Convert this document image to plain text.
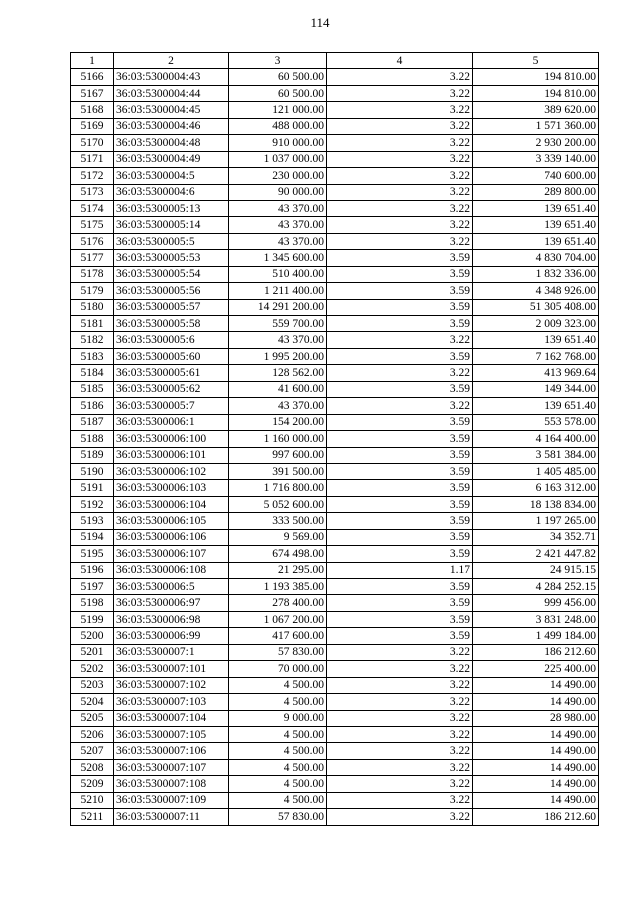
114
1	2	3	4	5
5166	36:03:5300004:43	60 500.00	3.22	194 810.00
5167	36:03:5300004:44	60 500.00	3.22	194 810.00
5168	36:03:5300004:45	121 000.00	3.22	389 620.00
5169	36:03:5300004:46	488 000.00	3.22	1 571 360.00
5170	36:03:5300004:48	910 000.00	3.22	2 930 200.00
5171	36:03:5300004:49	1 037 000.00	3.22	3 339 140.00
5172	36:03:5300004:5	230 000.00	3.22	740 600.00
5173	36:03:5300004:6	90 000.00	3.22	289 800.00
5174	36:03:5300005:13	43 370.00	3.22	139 651.40
5175	36:03:5300005:14	43 370.00	3.22	139 651.40
5176	36:03:5300005:5	43 370.00	3.22	139 651.40
5177	36:03:5300005:53	1 345 600.00	3.59	4 830 704.00
5178	36:03:5300005:54	510 400.00	3.59	1 832 336.00
5179	36:03:5300005:56	1 211 400.00	3.59	4 348 926.00
5180	36:03:5300005:57	14 291 200.00	3.59	51 305 408.00
5181	36:03:5300005:58	559 700.00	3.59	2 009 323.00
5182	36:03:5300005:6	43 370.00	3.22	139 651.40
5183	36:03:5300005:60	1 995 200.00	3.59	7 162 768.00
5184	36:03:5300005:61	128 562.00	3.22	413 969.64
5185	36:03:5300005:62	41 600.00	3.59	149 344.00
5186	36:03:5300005:7	43 370.00	3.22	139 651.40
5187	36:03:5300006:1	154 200.00	3.59	553 578.00
5188	36:03:5300006:100	1 160 000.00	3.59	4 164 400.00
5189	36:03:5300006:101	997 600.00	3.59	3 581 384.00
5190	36:03:5300006:102	391 500.00	3.59	1 405 485.00
5191	36:03:5300006:103	1 716 800.00	3.59	6 163 312.00
5192	36:03:5300006:104	5 052 600.00	3.59	18 138 834.00
5193	36:03:5300006:105	333 500.00	3.59	1 197 265.00
5194	36:03:5300006:106	9 569.00	3.59	34 352.71
5195	36:03:5300006:107	674 498.00	3.59	2 421 447.82
5196	36:03:5300006:108	21 295.00	1.17	24 915.15
5197	36:03:5300006:5	1 193 385.00	3.59	4 284 252.15
5198	36:03:5300006:97	278 400.00	3.59	999 456.00
5199	36:03:5300006:98	1 067 200.00	3.59	3 831 248.00
5200	36:03:5300006:99	417 600.00	3.59	1 499 184.00
5201	36:03:5300007:1	57 830.00	3.22	186 212.60
5202	36:03:5300007:101	70 000.00	3.22	225 400.00
5203	36:03:5300007:102	4 500.00	3.22	14 490.00
5204	36:03:5300007:103	4 500.00	3.22	14 490.00
5205	36:03:5300007:104	9 000.00	3.22	28 980.00
5206	36:03:5300007:105	4 500.00	3.22	14 490.00
5207	36:03:5300007:106	4 500.00	3.22	14 490.00
5208	36:03:5300007:107	4 500.00	3.22	14 490.00
5209	36:03:5300007:108	4 500.00	3.22	14 490.00
5210	36:03:5300007:109	4 500.00	3.22	14 490.00
5211	36:03:5300007:11	57 830.00	3.22	186 212.60
